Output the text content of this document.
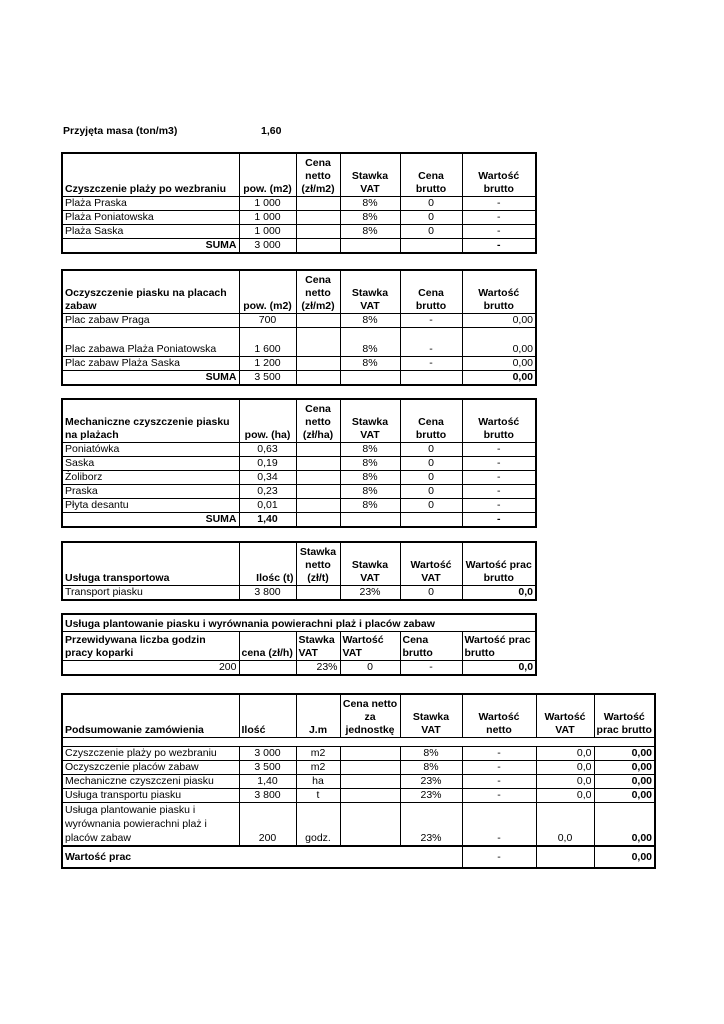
Przyjęta masa (ton/m3)	1,60
Czyszczenie plaży po wezbraniu	pow. (m2)	Cena netto (zł/m2)	Stawka VAT	Cena brutto	Wartość brutto
Plaża Praska	1 000		8%	0	-
Plaża Poniatowska	1 000		8%	0	-
Plaża Saska	1 000		8%	0	-
SUMA	3 000				-
Oczyszczenie piasku na placach zabaw	pow. (m2)	Cena netto (zł/m2)	Stawka VAT	Cena brutto	Wartość brutto
Plac zabaw Praga	700		8%	-	0,00
Plac zabawa Plaża Poniatowska	1 600		8%	-	0,00
Plac zabaw Plaża Saska	1 200		8%	-	0,00
SUMA	3 500				0,00
Mechaniczne czyszczenie piasku na plażach	pow. (ha)	Cena netto (zł/ha)	Stawka VAT	Cena brutto	Wartość brutto
Poniatówka	0,63		8%	0	-
Saska	0,19		8%	0	-
Żoliborz	0,34		8%	0	-
Praska	0,23		8%	0	-
Płyta desantu	0,01		8%	0	-
SUMA	1,40				-
Usługa transportowa	Ilośc (t)	Stawka netto (zł/t)	Stawka VAT	Wartość VAT	Wartość prac brutto
Transport piasku	3 800		23%	0	0,0
Usługa plantowanie piasku i wyrównania powierachni plaż i placów zabaw					
Przewidywana liczba godzin pracy koparki	cena (zł/h)	Stawka VAT	Wartość VAT	Cena brutto	Wartość prac brutto
200		23%	0	-	0,0
Podsumowanie zamówienia	Ilość	J.m	Cena netto za jednostkę	Stawka VAT	Wartość netto	Wartość VAT	Wartość prac brutto

Czyszczenie plaży po wezbraniu	3 000	m2		8%	-	0,0	0,00
Oczyszczenie placów zabaw	3 500	m2		8%	-	0,0	0,00
Mechaniczne czyszczeni piasku	1,40	ha		23%	-	0,0	0,00
Usługa transportu piasku	3 800	t		23%	-	0,0	0,00
Usługa plantowanie piasku i wyrównania powierachni plaż i placów zabaw	200	godz.		23%	-	0,0	0,00
Wartość prac					-		0,00
